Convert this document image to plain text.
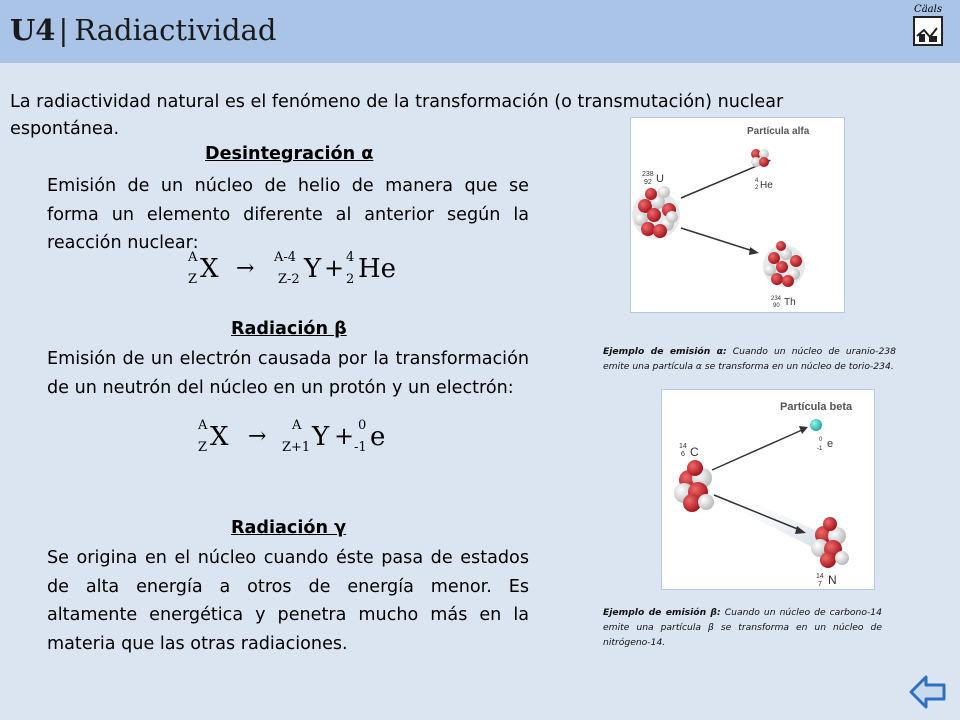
U4 | Radiactividad
Cäals
La radiactividad natural es el fenómeno de la transformación (o transmutación) nuclear espontánea.
Desintegración α
Emisión de un núcleo de helio de manera que se forma un elemento diferente al anterior según la reacción nuclear:
A
Z X → A-4
Z-2 Y + 4
2 He
Partícula alfa
238
92 U	4
2 He
234
90 Th
Ejemplo de emisión α: Cuando un núcleo de uranio-238 emite una partícula α se transforma en un núcleo de torio-234.
Radiación β
Emisión de un electrón causada por la transformación de un neutrón del núcleo en un protón y un electrón:
A
Z X → A
Z+1 Y + 0
-1 e
Partícula beta
14
6 C
0
-1 e
14
7 N
Ejemplo de emisión β: Cuando un núcleo de carbono-14 emite una partícula β se transforma en un núcleo de nitrógeno-14.
Radiación γ
Se origina en el núcleo cuando éste pasa de estados de alta energía a otros de energía menor. Es altamente energética y penetra mucho más en la materia que las otras radiaciones.
